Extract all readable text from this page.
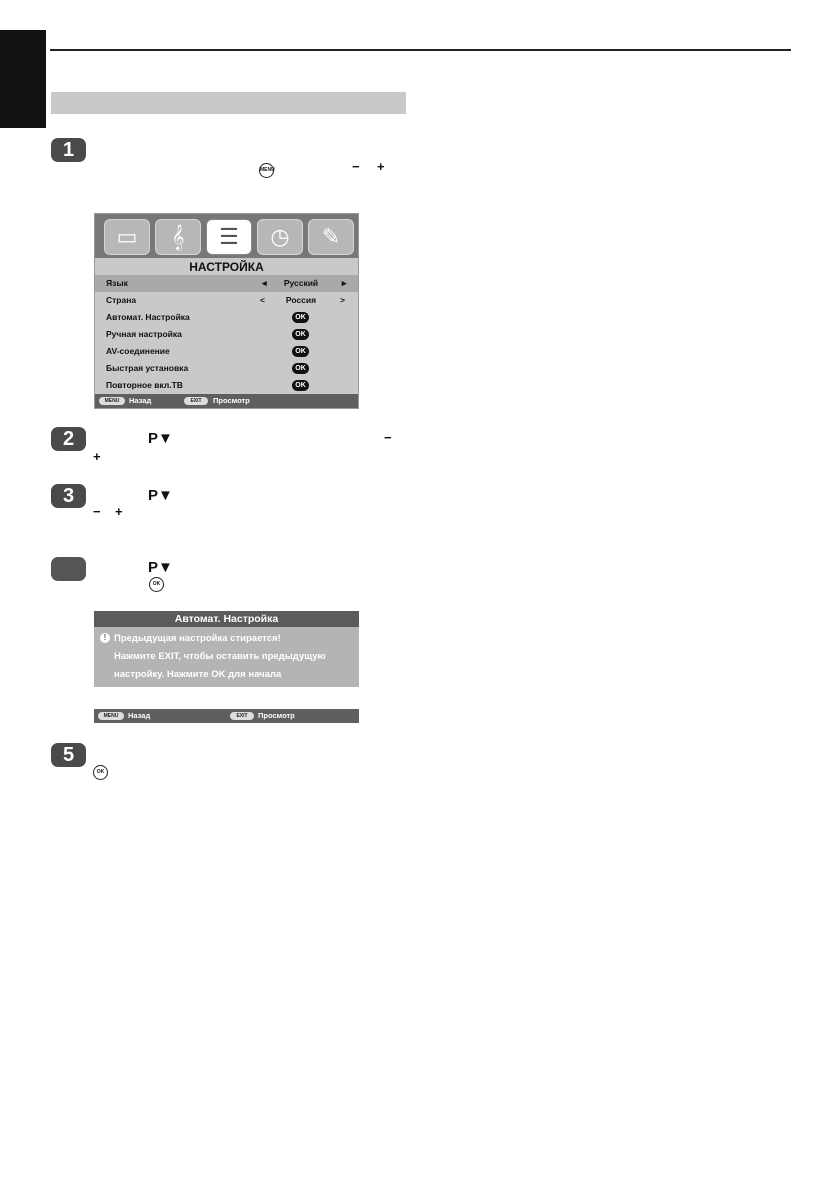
1
MENU	− +
▭	𝄞	☰	◷	✎
НАСТРОЙКА
Язык	◄	Русский	►
Страна	<	Россия	>
Автомат. Настройка	OK
Ручная настройка	OK
AV-соединение	OK
Быстрая установка	OK
Повторное вкл.ТВ	OK
MENU	Назад	EXIT	Просмотр
2	P▼	−
+
3	P▼
− +
P▼
OK
Автомат. Настройка
! Предыдущая настройка стирается!
Нажмите EXIT, чтобы оставить предыдущую
настройку. Нажмите OK для начала
MENU	Назад	EXIT	Просмотр
5
OK
